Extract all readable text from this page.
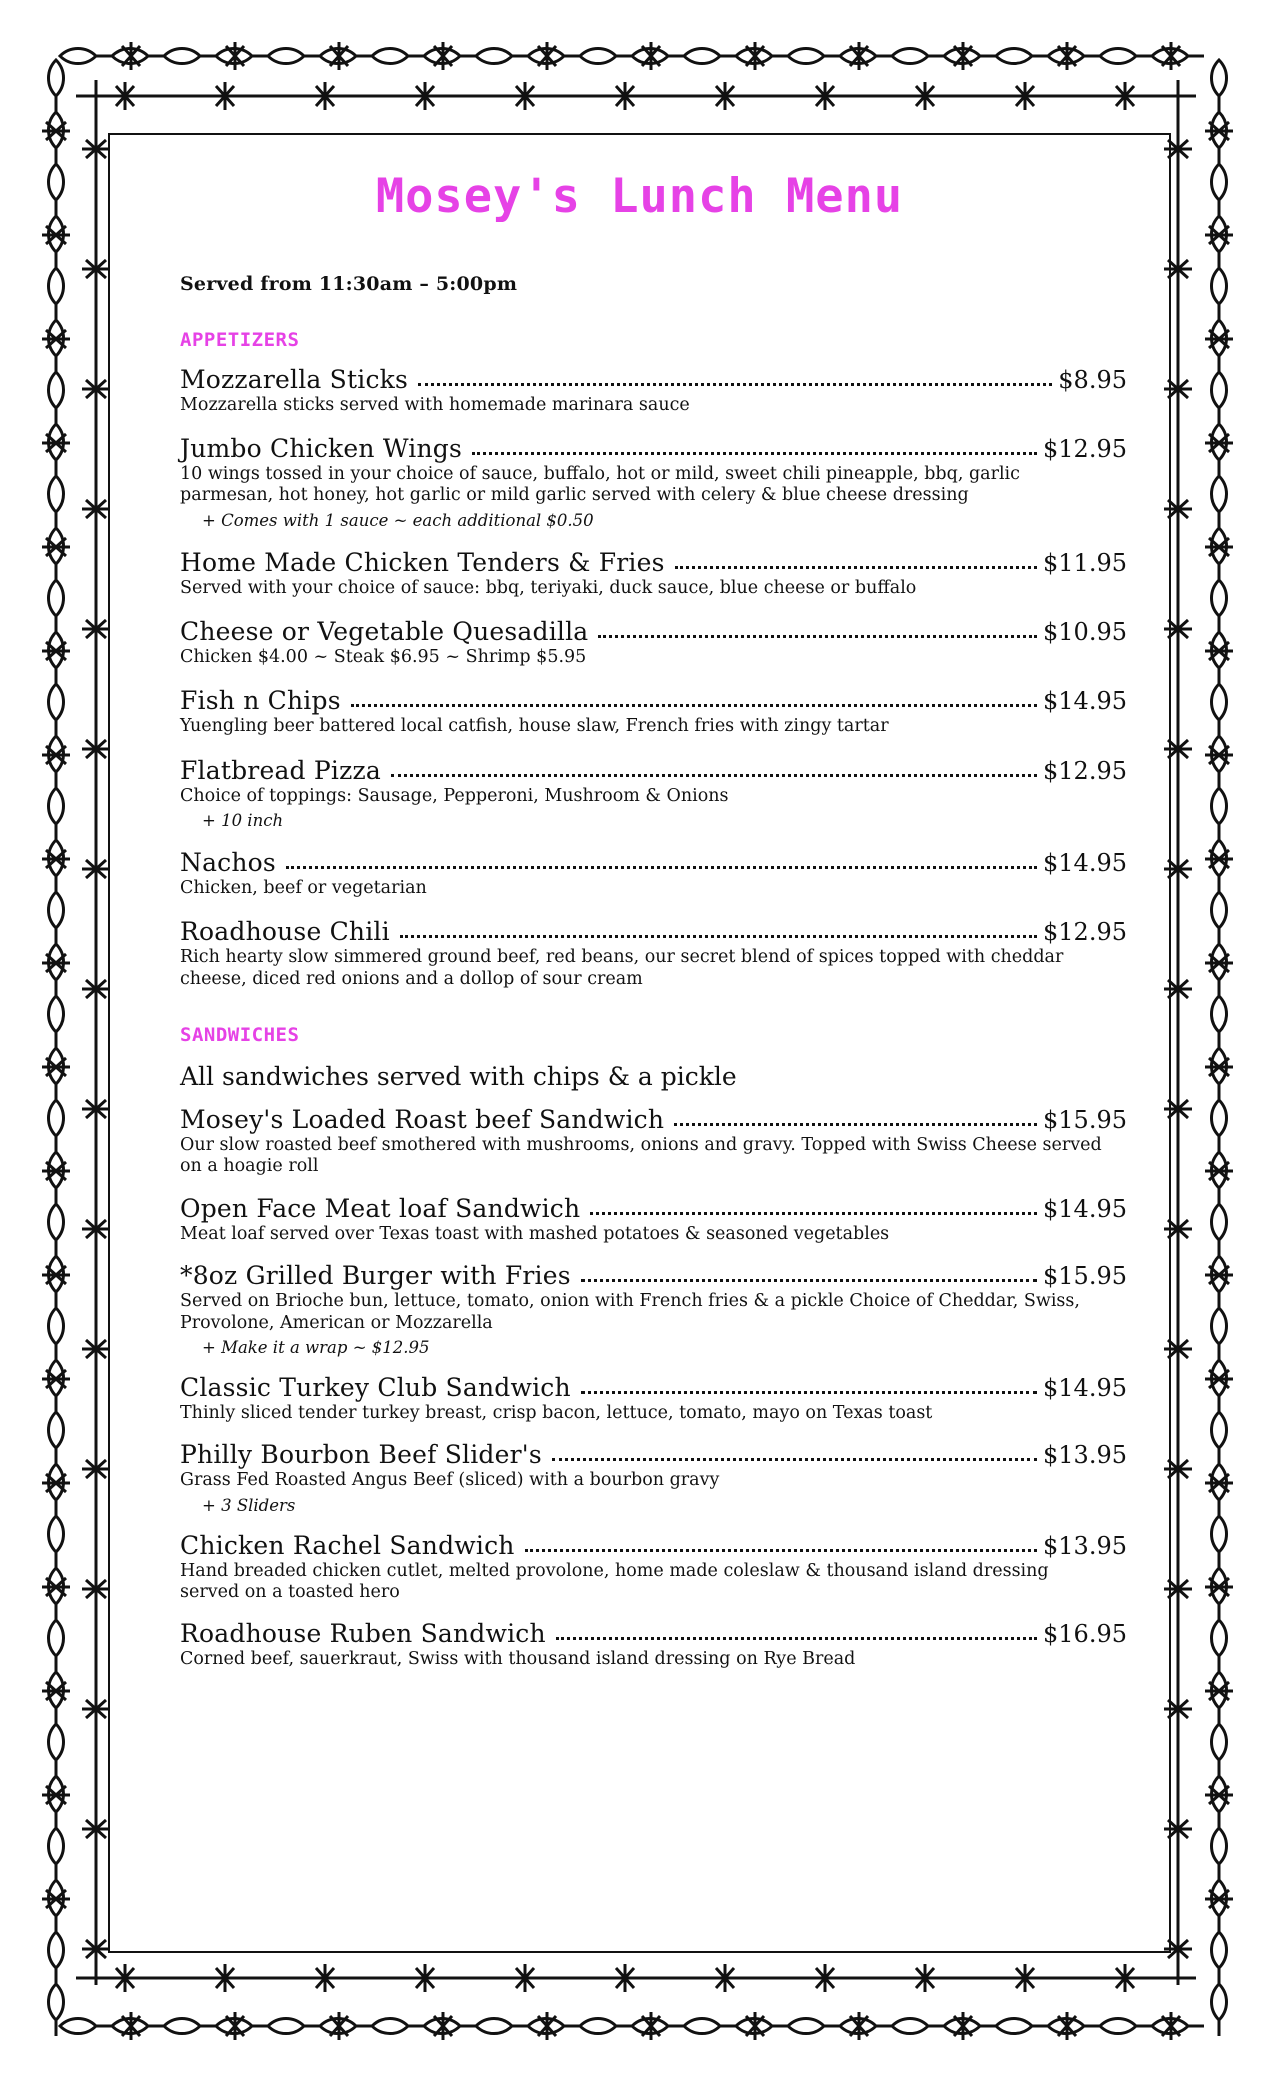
Mosey's Lunch Menu
Served from 11:30am – 5:00pm
APPETIZERS
Mozzarella Sticks	$8.95
Mozzarella sticks served with homemade marinara sauce
Jumbo Chicken Wings	$12.95
10 wings tossed in your choice of sauce, buffalo, hot or mild, sweet chili pineapple, bbq, garlic parmesan, hot honey, hot garlic or mild garlic served with celery & blue cheese dressing
+ Comes with 1 sauce ~ each additional $0.50
Home Made Chicken Tenders & Fries	$11.95
Served with your choice of sauce: bbq, teriyaki, duck sauce, blue cheese or buffalo
Cheese or Vegetable Quesadilla	$10.95
Chicken $4.00 ~ Steak $6.95 ~ Shrimp $5.95
Fish n Chips	$14.95
Yuengling beer battered local catfish, house slaw, French fries with zingy tartar
Flatbread Pizza	$12.95
Choice of toppings: Sausage, Pepperoni, Mushroom & Onions
+ 10 inch
Nachos	$14.95
Chicken, beef or vegetarian
Roadhouse Chili	$12.95
Rich hearty slow simmered ground beef, red beans, our secret blend of spices topped with cheddar cheese, diced red onions and a dollop of sour cream
SANDWICHES
All sandwiches served with chips & a pickle
Mosey's Loaded Roast beef Sandwich	$15.95
Our slow roasted beef smothered with mushrooms, onions and gravy. Topped with Swiss Cheese served on a hoagie roll
Open Face Meat loaf Sandwich	$14.95
Meat loaf served over Texas toast with mashed potatoes & seasoned vegetables
*8oz Grilled Burger with Fries	$15.95
Served on Brioche bun, lettuce, tomato, onion with French fries & a pickle Choice of Cheddar, Swiss, Provolone, American or Mozzarella
+ Make it a wrap ~ $12.95
Classic Turkey Club Sandwich	$14.95
Thinly sliced tender turkey breast, crisp bacon, lettuce, tomato, mayo on Texas toast
Philly Bourbon Beef Slider's	$13.95
Grass Fed Roasted Angus Beef (sliced) with a bourbon gravy
+ 3 Sliders
Chicken Rachel Sandwich	$13.95
Hand breaded chicken cutlet, melted provolone, home made coleslaw & thousand island dressing served on a toasted hero
Roadhouse Ruben Sandwich	$16.95
Corned beef, sauerkraut, Swiss with thousand island dressing on Rye Bread
